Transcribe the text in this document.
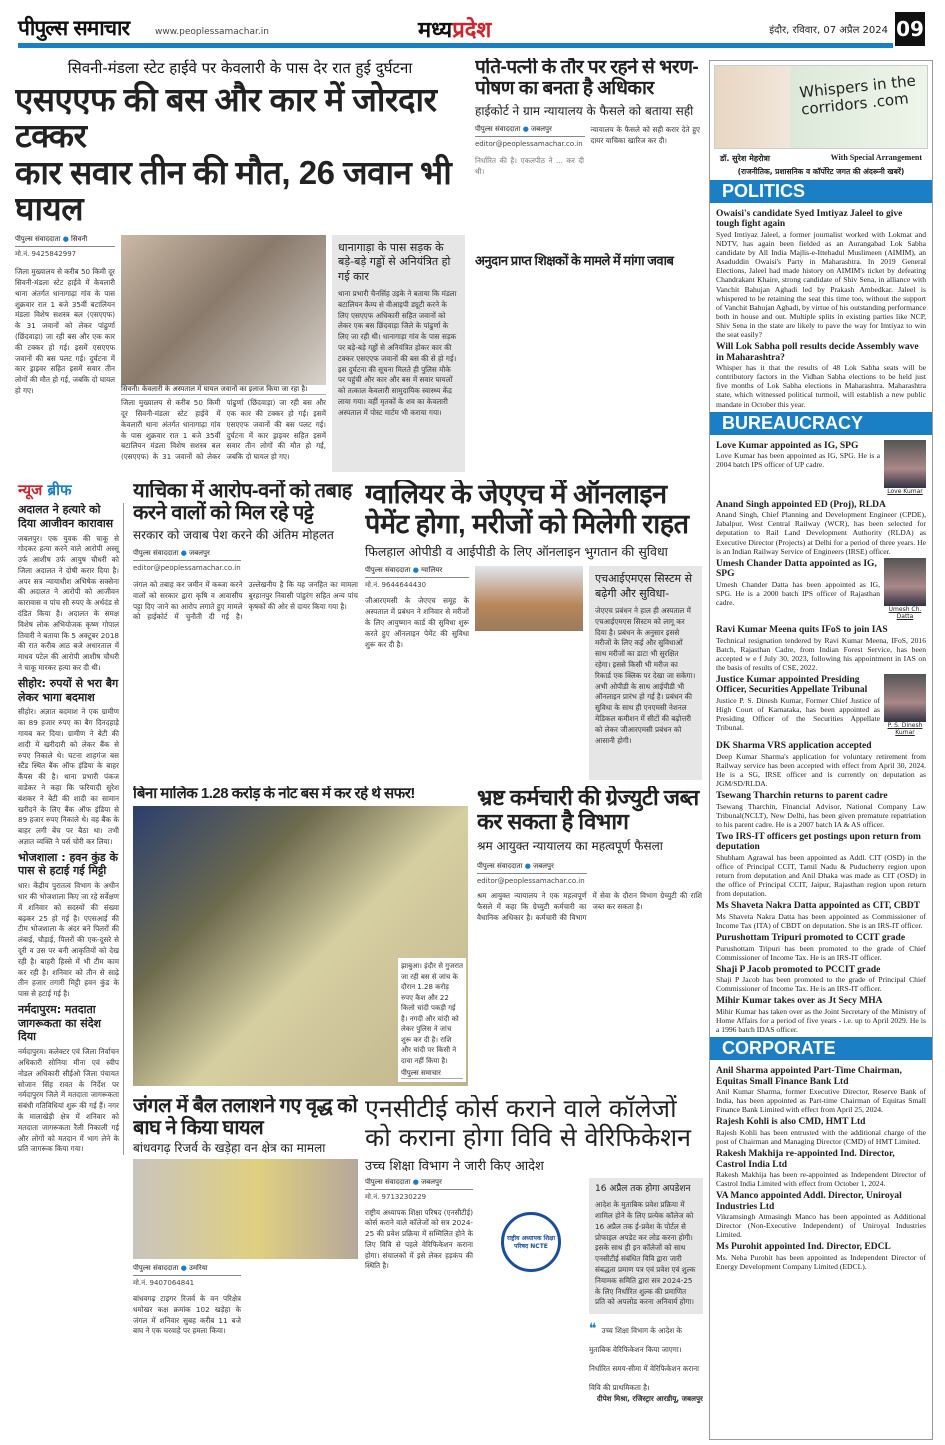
पीपुल्स समाचार	www.peoplessamachar.in	मध्यप्रदेश	इंदौर, रविवार, 07 अप्रैल 2024 09
सिवनी-मंडला स्टेट हाईवे पर केवलारी के पास देर रात हुई दुर्घटना
एसएएफ की बस और कार में जोरदार टक्कर
कार सवार तीन की मौत, 26 जवान भी घायल
पीपुल्स संवाददाता ● सिवनी
मो.नं. 9425842997
जिला मुख्यालय से करीब 50 किमी दूर सिवनी-मंडला स्टेट हाईवे में केवलारी थाना अंतर्गत धानागाढ़ा गांव के पास शुक्रवार रात 1 बजे 35वीं बटालियन मंडला विशेष सशस्त्र बल (एसएएफ) के 31 जवानों को लेकर पांढुर्णा (छिंदवाड़ा) जा रही बस और एक कार की टक्कर हो गई। इसमें एसएएफ जवानों की बस पलट गई। दुर्घटना में कार ड्राइवर सहित इसमें सवार तीन लोगों की मौत हो गई, जबकि दो घायल हो गए।	सिवनी। केवलारी के अस्पताल में घायल जवानों का इलाज किया जा रहा है।
जिला मुख्यालय से करीब 50 किमी दूर सिवनी-मंडला स्टेट हाईवे में केवलारी थाना अंतर्गत धानागाढ़ा गांव के पास शुक्रवार रात 1 बजे 35वीं बटालियन मंडला विशेष सशस्त्र बल (एसएएफ) के 31 जवानों को लेकर पांढुर्णा (छिंदवाड़ा) जा रही बस और एक कार की टक्कर हो गई। इसमें एसएएफ जवानों की बस पलट गई। दुर्घटना में कार ड्राइवर सहित इसमें सवार तीन लोगों की मौत हो गई, जबकि दो घायल हो गए।
धानागाड़ा के पास सड़क के बड़े-बड़े गड्ढों से अनियंत्रित हो गई कार
थाना प्रभारी चैनसिंह उइके ने बताया कि मंडला बटालियन कैम्प से वीआइपी ड्यूटी करने के लिए एसएएफ अधिकारी सहित जवानों को लेकर एक बस छिंदवाड़ा जिले के पांढुर्णा के लिए जा रही थी। धानागाड़ा गांव के पास सड़क पर बड़े-बड़े गड्ढों से अनियंत्रित होकर कार की टक्कर एसएएफ जवानों की बस की से हो गई। इस दुर्घटना की सूचना मिलते ही पुलिस मौके पर पहुंची और कार और बस में सवार घायलों को तत्काल केवलारी सामुदायिक स्वास्थ्य केंद्र लाया गया। वहीं मृतकों के शव का केवलारी अस्पताल में पोस्ट मार्टम भी कराया गया।
पति-पत्नी के तौर पर रहने से भरण-पोषण का बनता है अधिकार
हाईकोर्ट ने ग्राम न्यायालय के फैसले को बताया सही
पीपुल्स संवाददाता ● जबलपुर
editor@peoplessamachar.co.in
न्यायालय के फैसले को सही करार देते हुए दायर याचिका खारिज कर दी।
निर्धारित की है। एकलपीठ ने ... कर दी थी।
अनुदान प्राप्त शिक्षकों के मामले में मांगा जवाब
Whispers in the corridors .com
डॉ. सुरेश मेहरोत्रा	With Special Arrangement
(राजनीतिक, प्रशासनिक व कॉर्पोरेट जगत की अंदरूनी खबरें)
POLITICS
Owaisi's candidate Syed Imtiyaz Jaleel to give tough fight again

Syed Imtiyaz Jaleel, a former journalist worked with Lokmat and NDTV, has again been fielded as an Aurangabad Lok Sabha candidate by All India Majlis-e-Ittehadul Muslimeen (AIMIM), an Asaduddin Owaisi's Party in Maharashtra. In 2019 General Elections, Jaleel had made history on AIMIM's ticket by defeating Chandrakant Khaire, strong candidate of Shiv Sena, in alliance with Vanchit Bahujan Aghadi led by Prakash Ambedkar. Jaleel is whispered to be retaining the seat this time too, without the support of Vanchit Bahujan Aghadi, by virtue of his outstanding performance both in house and out. Multiple splits in existing parties like NCP, Shiv Sena in the state are likely to pave the way for Imtiyaz to win the seat easily?

Will Lok Sabha poll results decide Assembly wave in Maharashtra?

Whisper has it that the results of 48 Lok Sabha seats will be contributory factors in the Vidhan Sabha elections to be held just five months of Lok Sabha elections in Maharashtra. Maharashtra state, which witnessed political turmoil, will establish a new public mandate in October this year.

BUREAUCRACY
Love Kumar
Love Kumar appointed as IG, SPG

Love Kumar has been appointed as IG, SPG. He is a 2004 batch IPS officer of UP cadre.

Anand Singh appointed ED (Proj), RLDA

Anand Singh, Chief Planning and Development Engineer (CPDE), Jabalpur, West Central Railway (WCR), has been selected for deputation to Rail Land Development Authority (RLDA) as Executive Director (Projects) at Delhi for a period of three years. He is an Indian Railway Service of Engineers (IRSE) officer.

Umesh Ch. Datta
Umesh Chander Datta appointed as IG, SPG

Umesh Chander Datta has been appointed as IG, SPG. He is a 2000 batch IPS officer of Rajasthan cadre.

Ravi Kumar Meena quits IFoS to join IAS

Technical resignation tendered by Ravi Kumar Meena, IFoS, 2016 Batch, Rajasthan Cadre, from Indian Forest Service, has been accepted w e f July 30, 2023, following his appointment in IAS on the basis of results of CSE, 2022.

P. S. Dinesh Kumar
Justice Kumar appointed Presiding Officer, Securities Appellate Tribunal

Justice P. S. Dinesh Kumar, Former Chief Justice of High Court of Karnataka, has been appointed as Presiding Officer of the Securities Appellate Tribunal.

DK Sharma VRS application accepted

Deep Kumar Sharma's application for voluntary retirement from Railway service has been accepted with effect from April 30, 2024. He is a SG, IRSE officer and is currently on deputation as JGM/SD/RLDA.

Tsewang Tharchin returns to parent cadre

Tsewang Tharchin, Financial Advisor, National Company Law Tribunal(NCLT), New Delhi, has been given premature repatriation to his parent cadre. He is a 2007 batch IA & AS officer.

Two IRS-IT officers get postings upon return from deputation

Shubham Agrawal has been appointed as Addl. CIT (OSD) in the office of Principal CCIT, Tamil Nadu & Puducherry region upon return from deputation and Anil Dhaka was made as CIT (OSD) in the office of Principal CCIT, Jaipur, Rajasthan region upon return from deputation.

Ms Shaveta Nakra Datta appointed as CIT, CBDT

Ms Shaveta Nakra Datta has been appointed as Commissioner of Income Tax (ITA) of CBDT on deputation. She is an IRS-IT officer.

Purushottam Tripuri promoted to CCIT grade

Purushottam Tripuri has been promoted to the grade of Chief Commissioner of Income Tax. He is an IRS-IT officer.

Shaji P Jacob promoted to PCCIT grade

Shaji P Jacob has been promoted to the grade of Principal Chief Commissioner of Income Tax. He is an IRS-IT officer.

Mihir Kumar takes over as Jt Secy MHA

Mihir Kumar has taken over as the Joint Secretary of the Ministry of Home Affairs for a period of five years - i.e. up to April 2029. He is a 1996 batch IDAS officer.

CORPORATE
Anil Sharma appointed Part-Time Chairman, Equitas Small Finance Bank Ltd

Anil Kumar Sharma, former Executive Director, Reserve Bank of India, has been appointed as Part-time Chairman of Equitas Small Finance Bank Limited with effect from April 25, 2024.

Rajesh Kohli is also CMD, HMT Ltd

Rajesh Kohli has been entrusted with the additional charge of the post of Chairman and Managing Director (CMD) of HMT Limited.

Rakesh Makhija re-appointed Ind. Director, Castrol India Ltd

Rakesh Makhija has been re-appointed as Independent Director of Castrol India Limited with effect from October 1, 2024.

VA Manco appointed Addl. Director, Uniroyal Industries Ltd

Vikramsingh Atmasingh Manco has been appointed as Additional Director (Non-Executive Independent) of Uniroyal Industries Limited.

Ms Purohit appointed Ind. Director, EDCL

Ms. Neha Purohit has been appointed as Independent Director of Energy Development Company Limited (EDCL).

न्यूज ब्रीफ
अदालत ने हत्यारे को दिया आजीवन कारावास
जबलपुर। एक युवक की चाकू से गोदकर हत्या करने वाले आरोपी अस्सू उर्फ आशीष उर्फ आयुष चौधरी को जिला अदालत ने दोषी करार दिया है। अपर सत्र न्यायाधीश अभिषेक सक्सेना की अदालत ने आरोपी को आजीवन कारावास व पांच सौ रुपए के अर्थदंड से दंडित किया है। अदालत के समक्ष विशेष लोक अभियोजक कृष्ण गोपाल तिवारी ने बताया कि 5 अक्टूबर 2018 की रात करीब आठ बजे अधारताल में माधव पटेल की आरोपी आशीष चौधरी ने चाकू मारकर हत्या कर दी थी।
सीहोर: रुपयों से भरा बैग लेकर भागा बदमाश
सीहोर। अज्ञात बदमाश ने एक ग्रामीण का 89 हजार रुपए का बैग दिनदहाड़े गायब कर दिया। ग्रामीण ने बेटी की शादी में खरीदारी को लेकर बैंक से रुपए निकाले थे। घटना शाहगंज बस स्टैंड स्थित बैंक ऑफ इंडिया के बाहर कैंपस की है। थाना प्रभारी पंकज वाडेकर ने कहा कि फरियादी सुरेश बंशकर ने बेटी की शादी का सामान खरीदने के लिए बैंक ऑफ इंडिया से 89 हजार रुपए निकाले थे। वह बैंक के बाहर लगी बेंच पर बैठा था। तभी अज्ञात व्यक्ति ने पर्स चोरी कर लिया।
भोजशाला : हवन कुंड के पास से हटाई गई मिट्टी
धार। केंद्रीय पुरातत्व विभाग के अधीन धार की भोजशाला किए जा रहे सर्वेक्षण में शनिवार को सदस्यों की संख्या बढ़कर 25 हो गई है। एएसआई की टीम भोजशाला के अंदर बने पिलरों की लंबाई, चौड़ाई, पिलरों की एक-दूसरे से दूरी व उस पर बनी आकृतियों को देख रही है। बाहरी हिस्से में भी टीम काम कर रही है। शनिवार को तीन से साढ़े तीन हजार तगारी मिट्टी हवन कुंड के पास से हटाई गई है।
नर्मदापुरम: मतदाता जागरूकता का संदेश दिया
नर्मदापुरम। कलेक्टर एवं जिला निर्वाचन अधिकारी सोनिया मीना एवं स्वीप नोडल अधिकारी सीईओ जिला पंचायत सोजान सिंह रावत के निर्देश पर नर्मदापुरम जिले में मतदाता जागरूकता संबंधी गतिविधियां शुरू की गई हैं। नगर के मालाखेड़ी क्षेत्र में शनिवार को मतदाता जागरूकता रैली निकाली गई और लोगों को मतदान में भाग लेने के प्रति जागरूक किया गया।
याचिका में आरोप-वनों को तबाह करने वालों को मिल रहे पट्टे
सरकार को जवाब पेश करने की अंतिम मोहलत
पीपुल्स संवाददाता ● जबलपुर
editor@peoplessamachar.co.in
जंगल को तबाह कर जमीन में कब्जा करने वालों को सरकार द्वारा कृषि व आवासीय पट्टा दिए जाने का आरोप लगाते हुए मामले को हाईकोर्ट में चुनौती दी गई है। उल्लेखनीय है कि यह जनहित का मामला बुरहानपुर निवासी पांडुरंग सहित अन्य पांच कृषकों की ओर से दायर किया गया है।
ग्वालियर के जेएएच में ऑनलाइन पेमेंट होगा, मरीजों को मिलेगी राहत
फिलहाल ओपीडी व आईपीडी के लिए ऑनलाइन भुगतान की सुविधा
पीपुल्स संवाददाता ● ग्वालियर
मो.नं. 9644644430
जीआरएमसी के जेएएच समूह के अस्पताल में प्रबंधन ने शनिवार से मरीजों के लिए आयुष्मान कार्ड की सुविधा शुरू करते हुए ऑनलाइन पेमेंट की सुविधा शुरू कर दी है।
एचआईएमएस सिस्टम से बढ़ेगी और सुविधा-
जेएएच प्रबंधन ने हाल ही अस्पताल में एचआईएमएस सिस्टम को लागू कर दिया है। प्रबंधन के अनुसार इससे मरीजों के लिए कई और सुविधाओं साथ मरीजों का डाटा भी सुरक्षित रहेगा। इससे किसी भी मरीज का रिकार्ड एक क्लिक पर देखा जा सकेगा। अभी ओपीडी के साथ आईपीडी भी ऑनलाइन प्रारंभ हो गई है। प्रबंधन की सुविधा के साथ ही एनएमसी नेशनल मेडिकल कमीशन में सीटों की बढ़ोत्तरी को लेकर जीआरएमसी प्रबंधन को आसानी होगी।
बिना मालिक 1.28 करोड़ के नोट बस में कर रहे थे सफर!
झाबुआ। इंदौर से गुजरात जा रही बस से जांच के दौरान 1.28 करोड़ रुपए कैश और 22 किलो चांदी पकड़ी गई है। नगदी और चांदी को लेकर पुलिस ने जांच शुरू कर दी है। राशि और चांदी पर किसी ने दावा नहीं किया है।
पीपुल्स समाचार
भ्रष्ट कर्मचारी की ग्रेज्युटी जब्त कर सकता है विभाग
श्रम आयुक्त न्यायालय का महत्वपूर्ण फैसला
पीपुल्स संवाददाता ● जबलपुर
editor@peoplessamachar.co.in
श्रम आयुक्त न्यायालय ने एक महत्वपूर्ण फैसले में कहा कि ग्रेच्युटी कर्मचारी का वैधानिक अधिकार है। कर्मचारी की विभाग में सेवा के दौरान विभाग ग्रेच्युटी की राशि जब्त कर सकता है।
जंगल में बैल तलाशने गए वृद्ध को बाघ ने किया घायल
बांधवगढ़ रिजर्व के खड़ेहा वन क्षेत्र का मामला
पीपुल्स संवाददाता ● उमरिया
मो.नं. 9407064841
बांधवगढ़ टाइगर रिजर्व के वन परिक्षेत्र धमोखर कक्ष क्रमांक 102 खड़ेहा के जंगल में शनिवार सुबह करीब 11 बजे बाघ ने एक चरवाहे पर हमला किया।
एनसीटीई कोर्स कराने वाले कॉलेजों को कराना होगा विवि से वेरिफिकेशन
उच्च शिक्षा विभाग ने जारी किए आदेश
पीपुल्स संवाददाता ● जबलपुर
मो.नं. 9713230229
राष्ट्रीय अध्यापक शिक्षा परिषद (एनसीटीई) कोर्स कराने वाले कॉलेजों को सत्र 2024-25 की प्रवेश प्रक्रिया में सम्मिलित होने के लिए विवि से पहले वेरिफिकेशन कराना होगा। संचालकों में इसे लेकर हड़कंप की स्थिति है।
राष्ट्रीय अध्यापक शिक्षा परिषद NCTE
16 अप्रैल तक होगा अपडेशन
आदेश के मुताबिक प्रवेश प्रक्रिया में शामिल होने के लिए प्रत्येक कॉलेज को 16 अप्रैल तक ई-प्रवेश के पोर्टल से प्रोफाइल अपडेट कर लोड करना होगी। इसके साथ ही इन कॉलेजों को साथ एनसीटीई संबंधित विवि द्वारा जारी संबद्धता प्रमाण पत्र एवं प्रवेश एवं शुल्क नियामक समिति द्वारा सत्र 2024-25 के लिए निर्धारित शुल्क की प्रमाणित प्रति को अपलोड करना अनिवार्य होगा।
❝ उच्च शिक्षा विभाग के आदेश के मुताबिक वेरिफिकेशन किया जाएगा। निर्धारित समय-सीमा में वेरिफिकेशन कराना विवि की प्राथमिकता है।
दीपेश मिश्रा, रजिस्ट्रार आरडीयू, जबलपुर
